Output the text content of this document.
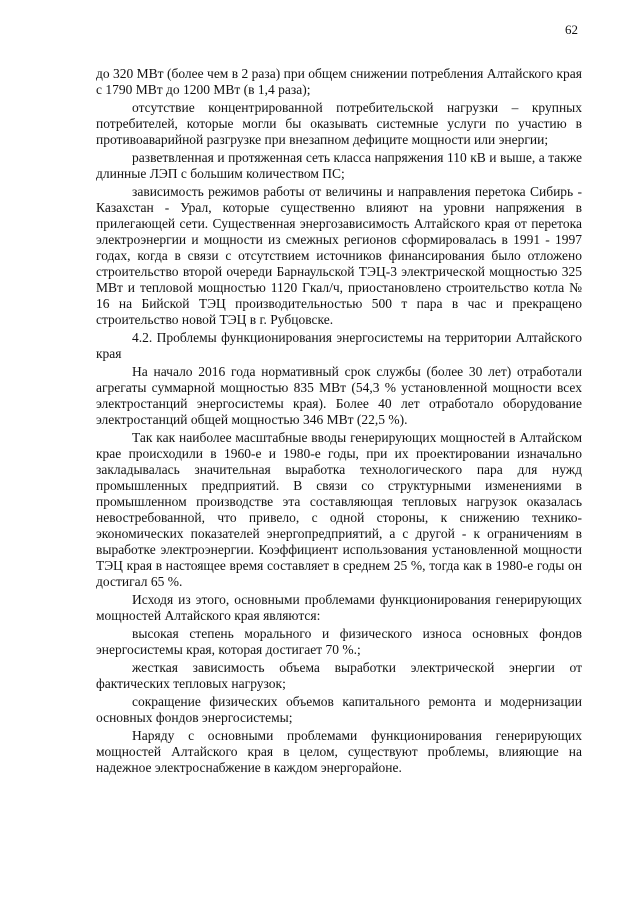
62

до 320 МВт (более чем в 2 раза) при общем снижении потребления Алтайского края с 1790 МВт до 1200 МВт (в 1,4 раза);

отсутствие концентрированной потребительской нагрузки – крупных потребителей, которые могли бы оказывать системные услуги по участию в противоаварийной разгрузке при внезапном дефиците мощности или энергии;

разветвленная и протяженная сеть класса напряжения 110 кВ и выше, а также длинные ЛЭП с большим количеством ПС;

зависимость режимов работы от величины и направления перетока Сибирь - Казахстан - Урал, которые существенно влияют на уровни напряжения в прилегающей сети. Существенная энергозависимость Алтайского края от перетока электроэнергии и мощности из смежных регионов сформировалась в 1991 - 1997 годах, когда в связи с отсутствием источников финансирования было отложено строительство второй очереди Барнаульской ТЭЦ-3 электрической мощностью 325 МВт и тепловой мощностью 1120 Гкал/ч, приостановлено строительство котла № 16 на Бийской ТЭЦ производительностью 500 т пара в час и прекращено строительство новой ТЭЦ в г. Рубцовске.

4.2. Проблемы функционирования энергосистемы на территории Алтайского края

На начало 2016 года нормативный срок службы (более 30 лет) отработали агрегаты суммарной мощностью 835 МВт (54,3 % установленной мощности всех электростанций энергосистемы края). Более 40 лет отработало оборудование электростанций общей мощностью 346 МВт (22,5 %).

Так как наиболее масштабные вводы генерирующих мощностей в Алтайском крае происходили в 1960-е и 1980-е годы, при их проектировании изначально закладывалась значительная выработка технологического пара для нужд промышленных предприятий. В связи со структурными изменениями в промышленном производстве эта составляющая тепловых нагрузок оказалась невостребованной, что привело, с одной стороны, к снижению технико-экономических показателей энергопредприятий, а с другой - к ограничениям в выработке электроэнергии. Коэффициент использования установленной мощности ТЭЦ края в настоящее время составляет в среднем 25 %, тогда как в 1980-е годы он достигал 65 %.

Исходя из этого, основными проблемами функционирования генерирующих мощностей Алтайского края являются:

высокая степень морального и физического износа основных фондов энергосистемы края, которая достигает 70 %.;

жесткая зависимость объема выработки электрической энергии от фактических тепловых нагрузок;

сокращение физических объемов капитального ремонта и модернизации основных фондов энергосистемы;

Наряду с основными проблемами функционирования генерирующих мощностей Алтайского края в целом, существуют проблемы, влияющие на надежное электроснабжение в каждом энергорайоне.
